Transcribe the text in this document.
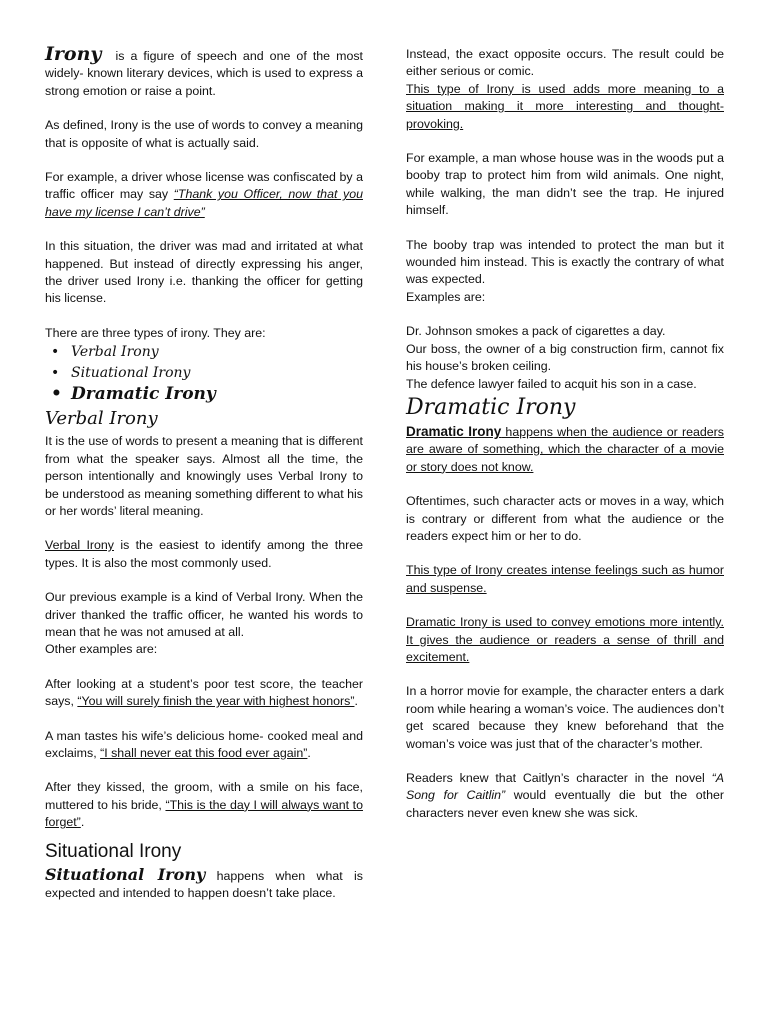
Irony is a figure of speech and one of the most widely- known literary devices, which is used to express a strong emotion or raise a point.

As defined, Irony is the use of words to convey a meaning that is opposite of what is actually said.

For example, a driver whose license was confiscated by a traffic officer may say “Thank you Officer, now that you have my license I can’t drive”

In this situation, the driver was mad and irritated at what happened. But instead of directly expressing his anger, the driver used Irony i.e. thanking the officer for getting his license.

There are three types of irony. They are:

• Verbal Irony
• Situational Irony
• Dramatic Irony
Verbal Irony

It is the use of words to present a meaning that is different from what the speaker says. Almost all the time, the person intentionally and knowingly uses Verbal Irony to be understood as meaning something different to what his or her words’ literal meaning.

Verbal Irony is the easiest to identify among the three types. It is also the most commonly used.

Our previous example is a kind of Verbal Irony. When the driver thanked the traffic officer, he wanted his words to mean that he was not amused at all.

Other examples are:

After looking at a student’s poor test score, the teacher says, “You will surely finish the year with highest honors”.

A man tastes his wife’s delicious home- cooked meal and exclaims, “I shall never eat this food ever again”.

After they kissed, the groom, with a smile on his face, muttered to his bride, “This is the day I will always want to forget”.

Situational Irony

Situational Irony happens when what is expected and intended to happen doesn’t take place.

Instead, the exact opposite occurs. The result could be either serious or comic.

This type of Irony is used adds more meaning to a situation making it more interesting and thought-provoking.

For example, a man whose house was in the woods put a booby trap to protect him from wild animals. One night, while walking, the man didn’t see the trap. He injured himself.

The booby trap was intended to protect the man but it wounded him instead. This is exactly the contrary of what was expected.

Examples are:

Dr. Johnson smokes a pack of cigarettes a day.

Our boss, the owner of a big construction firm, cannot fix his house’s broken ceiling.

The defence lawyer failed to acquit his son in a case.

Dramatic Irony

Dramatic Irony happens when the audience or readers are aware of something, which the character of a movie or story does not know.

Oftentimes, such character acts or moves in a way, which is contrary or different from what the audience or the readers expect him or her to do.

This type of Irony creates intense feelings such as humor and suspense.

Dramatic Irony is used to convey emotions more intently. It gives the audience or readers a sense of thrill and excitement.

In a horror movie for example, the character enters a dark room while hearing a woman’s voice. The audiences don’t get scared because they knew beforehand that the woman’s voice was just that of the character’s mother.

Readers knew that Caitlyn’s character in the novel “A Song for Caitlin” would eventually die but the other characters never even knew she was sick.
